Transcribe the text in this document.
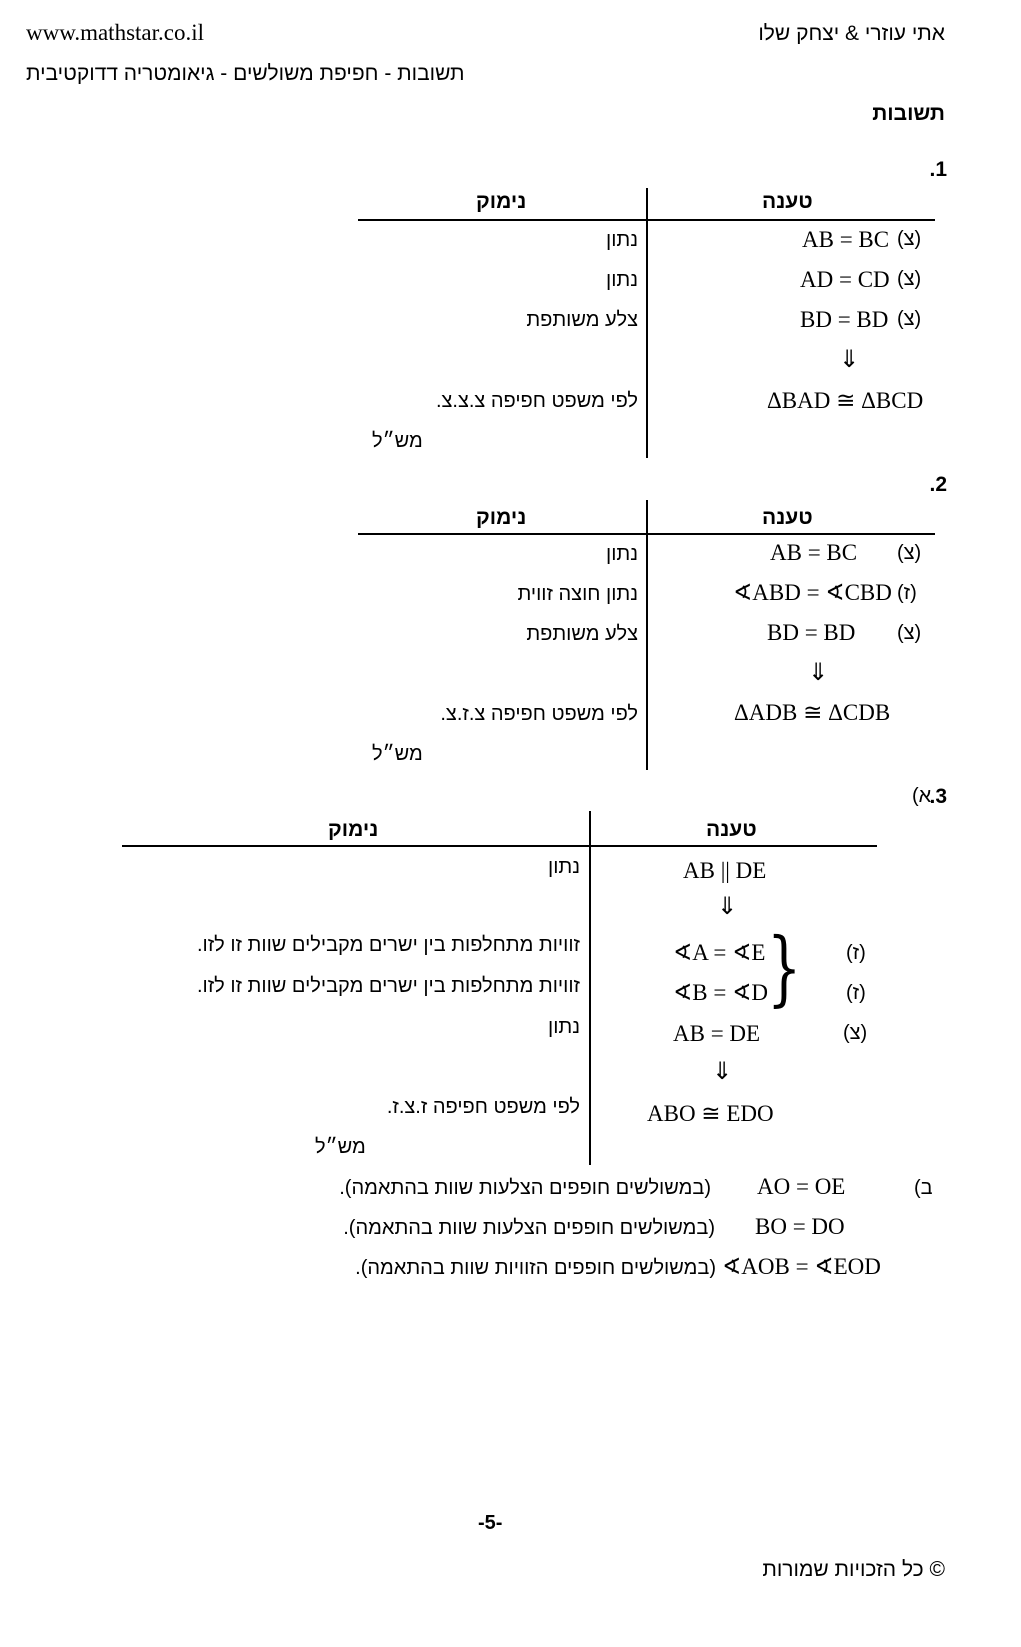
www.mathstar.co.il	אתי עוזרי & יצחק שלו
תשובות - חפיפת משולשים - גיאומטריה דדוקטיבית
תשובות
.1
טענה
נימוק
(צ)
AB = BC
נתון
(צ)
AD = CD
נתון
(צ)
BD = BD
צלע משותפת
⇓
ΔBAD ≅ ΔBCD
לפי משפט חפיפה צ.צ.צ.
מש״ל
.2
טענה
נימוק
(צ)
AB = BC
נתון
(ז)
∢ABD = ∢CBD
נתון חוצה זווית
(צ)
BD = BD
צלע משותפת
⇓
ΔADB ≅ ΔCDB
לפי משפט חפיפה צ.ז.צ.
מש״ל
.3
א)
טענה
נימוק
AB || DE
נתון
⇓
(ז)
∢A = ∢E
זוויות מתחלפות בין ישרים מקבילים שוות זו לזו.	} (ז)
∢B = ∢D
זוויות מתחלפות בין ישרים מקבילים שוות זו לזו.
(צ)
AB = DE
נתון
⇓
ABO ≅ EDO
לפי משפט חפיפה ז.צ.ז.
מש״ל
ב)
AO = OE
(במשולשים חופפים הצלעות שוות בהתאמה).
BO = DO
(במשולשים חופפים הצלעות שוות בהתאמה).
∢AOB = ∢EOD
(במשולשים חופפים הזוויות שוות בהתאמה).
-5-
© כל הזכויות שמורות
